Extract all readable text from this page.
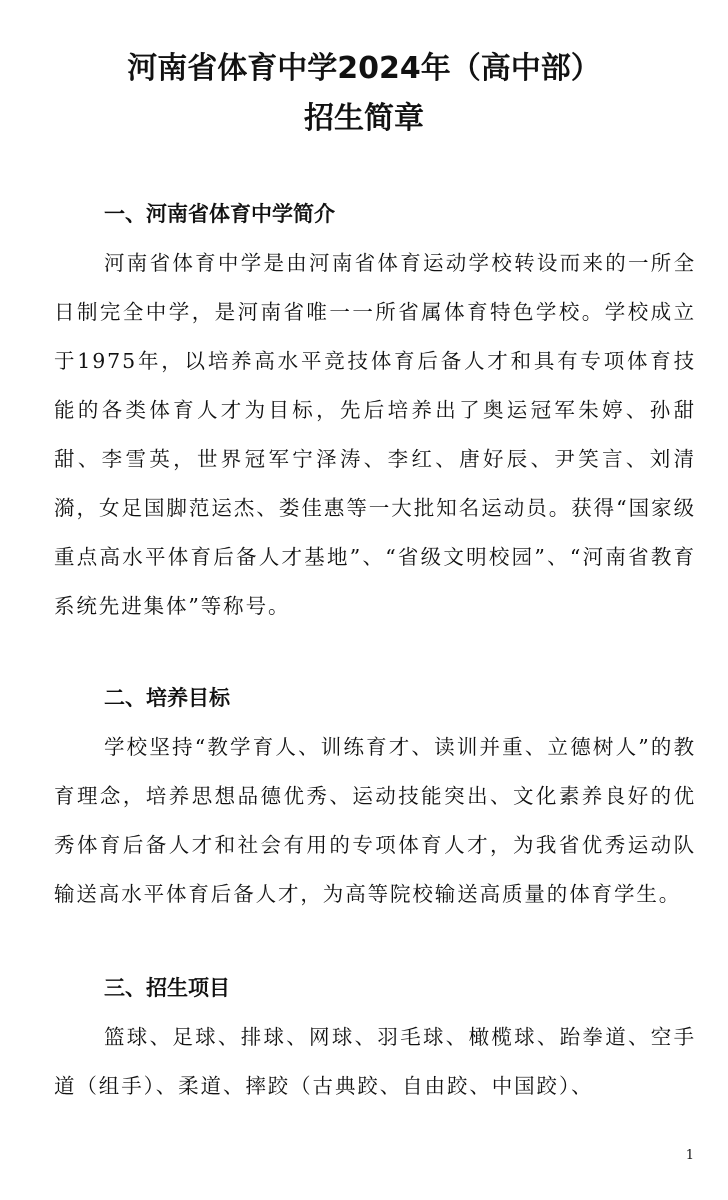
河南省体育中学2024年（高中部）
招生简章
一、河南省体育中学简介

河南省体育中学是由河南省体育运动学校转设而来的一所全日制完全中学，是河南省唯一一所省属体育特色学校。学校成立于1975年，以培养高水平竞技体育后备人才和具有专项体育技能的各类体育人才为目标，先后培养出了奥运冠军朱婷、孙甜甜、李雪英，世界冠军宁泽涛、李红、唐好辰、尹笑言、刘清漪，女足国脚范运杰、娄佳惠等一大批知名运动员。获得“国家级重点高水平体育后备人才基地”、“省级文明校园”、“河南省教育系统先进集体”等称号。

二、培养目标

学校坚持“教学育人、训练育才、读训并重、立德树人”的教育理念，培养思想品德优秀、运动技能突出、文化素养良好的优秀体育后备人才和社会有用的专项体育人才，为我省优秀运动队输送高水平体育后备人才，为高等院校输送高质量的体育学生。

三、招生项目

篮球、足球、排球、网球、羽毛球、橄榄球、跆拳道、空手道（组手）、柔道、摔跤（古典跤、自由跤、中国跤）、

1
